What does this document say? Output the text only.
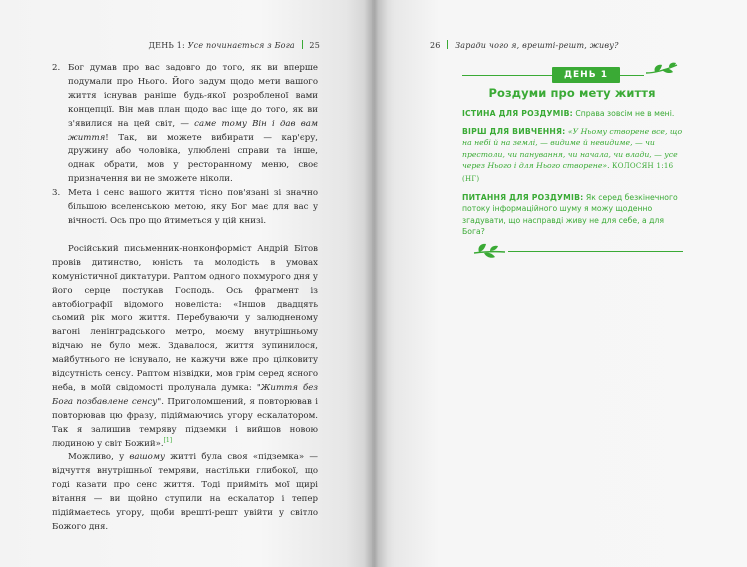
ДЕНЬ 1: Усе починається з Бога 25
2. Бог думав про вас задовго до того, як ви вперше подумали про Нього. Його задум щодо мети вашого життя існував раніше будь-якої розробленої вами концепції. Він мав план щодо вас іще до того, як ви з'явилися на цей світ, — саме тому Він і дав вам життя! Так, ви можете вибирати — кар'єру, дружину або чоловіка, улюблені справи та інше, однак обрати, мов у ресторанному меню, своє призначення ви не зможете ніколи.
3. Мета і сенс вашого життя тісно пов'язані зі значно більшою вселенською метою, яку Бог має для вас у вічності. Ось про що йтиметься у цій книзі.

Російський письменник-нонконформіст Андрій Бітов провів дитинство, юність та молодість в умовах комуністичної диктатури. Раптом одного похмурого дня у його серце постукав Господь. Ось фрагмент із автобіографії відомого новеліста: «Іншов двадцять сьомий рік мого життя. Перебуваючи у залюдненому вагоні ленінградського метро, моєму внутрішньому відчаю не було меж. Здавалося, життя зупинилося, майбутнього не існувало, не кажучи вже про цілковиту відсутність сенсу. Раптом нізвідки, мов грім серед ясного неба, в моїй свідомості пролунала думка: "Життя без Бога позбавлене сенсу". Приголомшений, я повторював і повторював цю фразу, підіймаючись угору ескалатором. Так я залишив темряву підземки і вийшов новою людиною у світ Божий».[1]

Можливо, у вашому житті була своя «підземка» — відчуття внутрішньої темряви, настільки глибокої, що годі казати про сенс життя. Тоді прийміть мої щирі вітання — ви щойно ступили на ескалатор і тепер підіймаєтесь угору, щоби врешті-решт увійти у світло Божого дня.

26 Заради чого я, врешті-решт, живу?
ДЕНЬ 1
Роздуми про мету життя

ІСТИНА ДЛЯ РОЗДУМІВ: Справа зовсім не в мені.

ВІРШ ДЛЯ ВИВЧЕННЯ: «У Ньому створене все, що на небі й на землі, — видиме й невидиме, — чи престоли, чи панування, чи начала, чи влади, — усе через Нього і для Нього створене». КОЛОСЯН 1:16 (НГ)

ПИТАННЯ ДЛЯ РОЗДУМІВ: Як серед безкінечного потоку інформаційного шуму я можу щоденно згадувати, що насправді живу не для себе, а для Бога?
